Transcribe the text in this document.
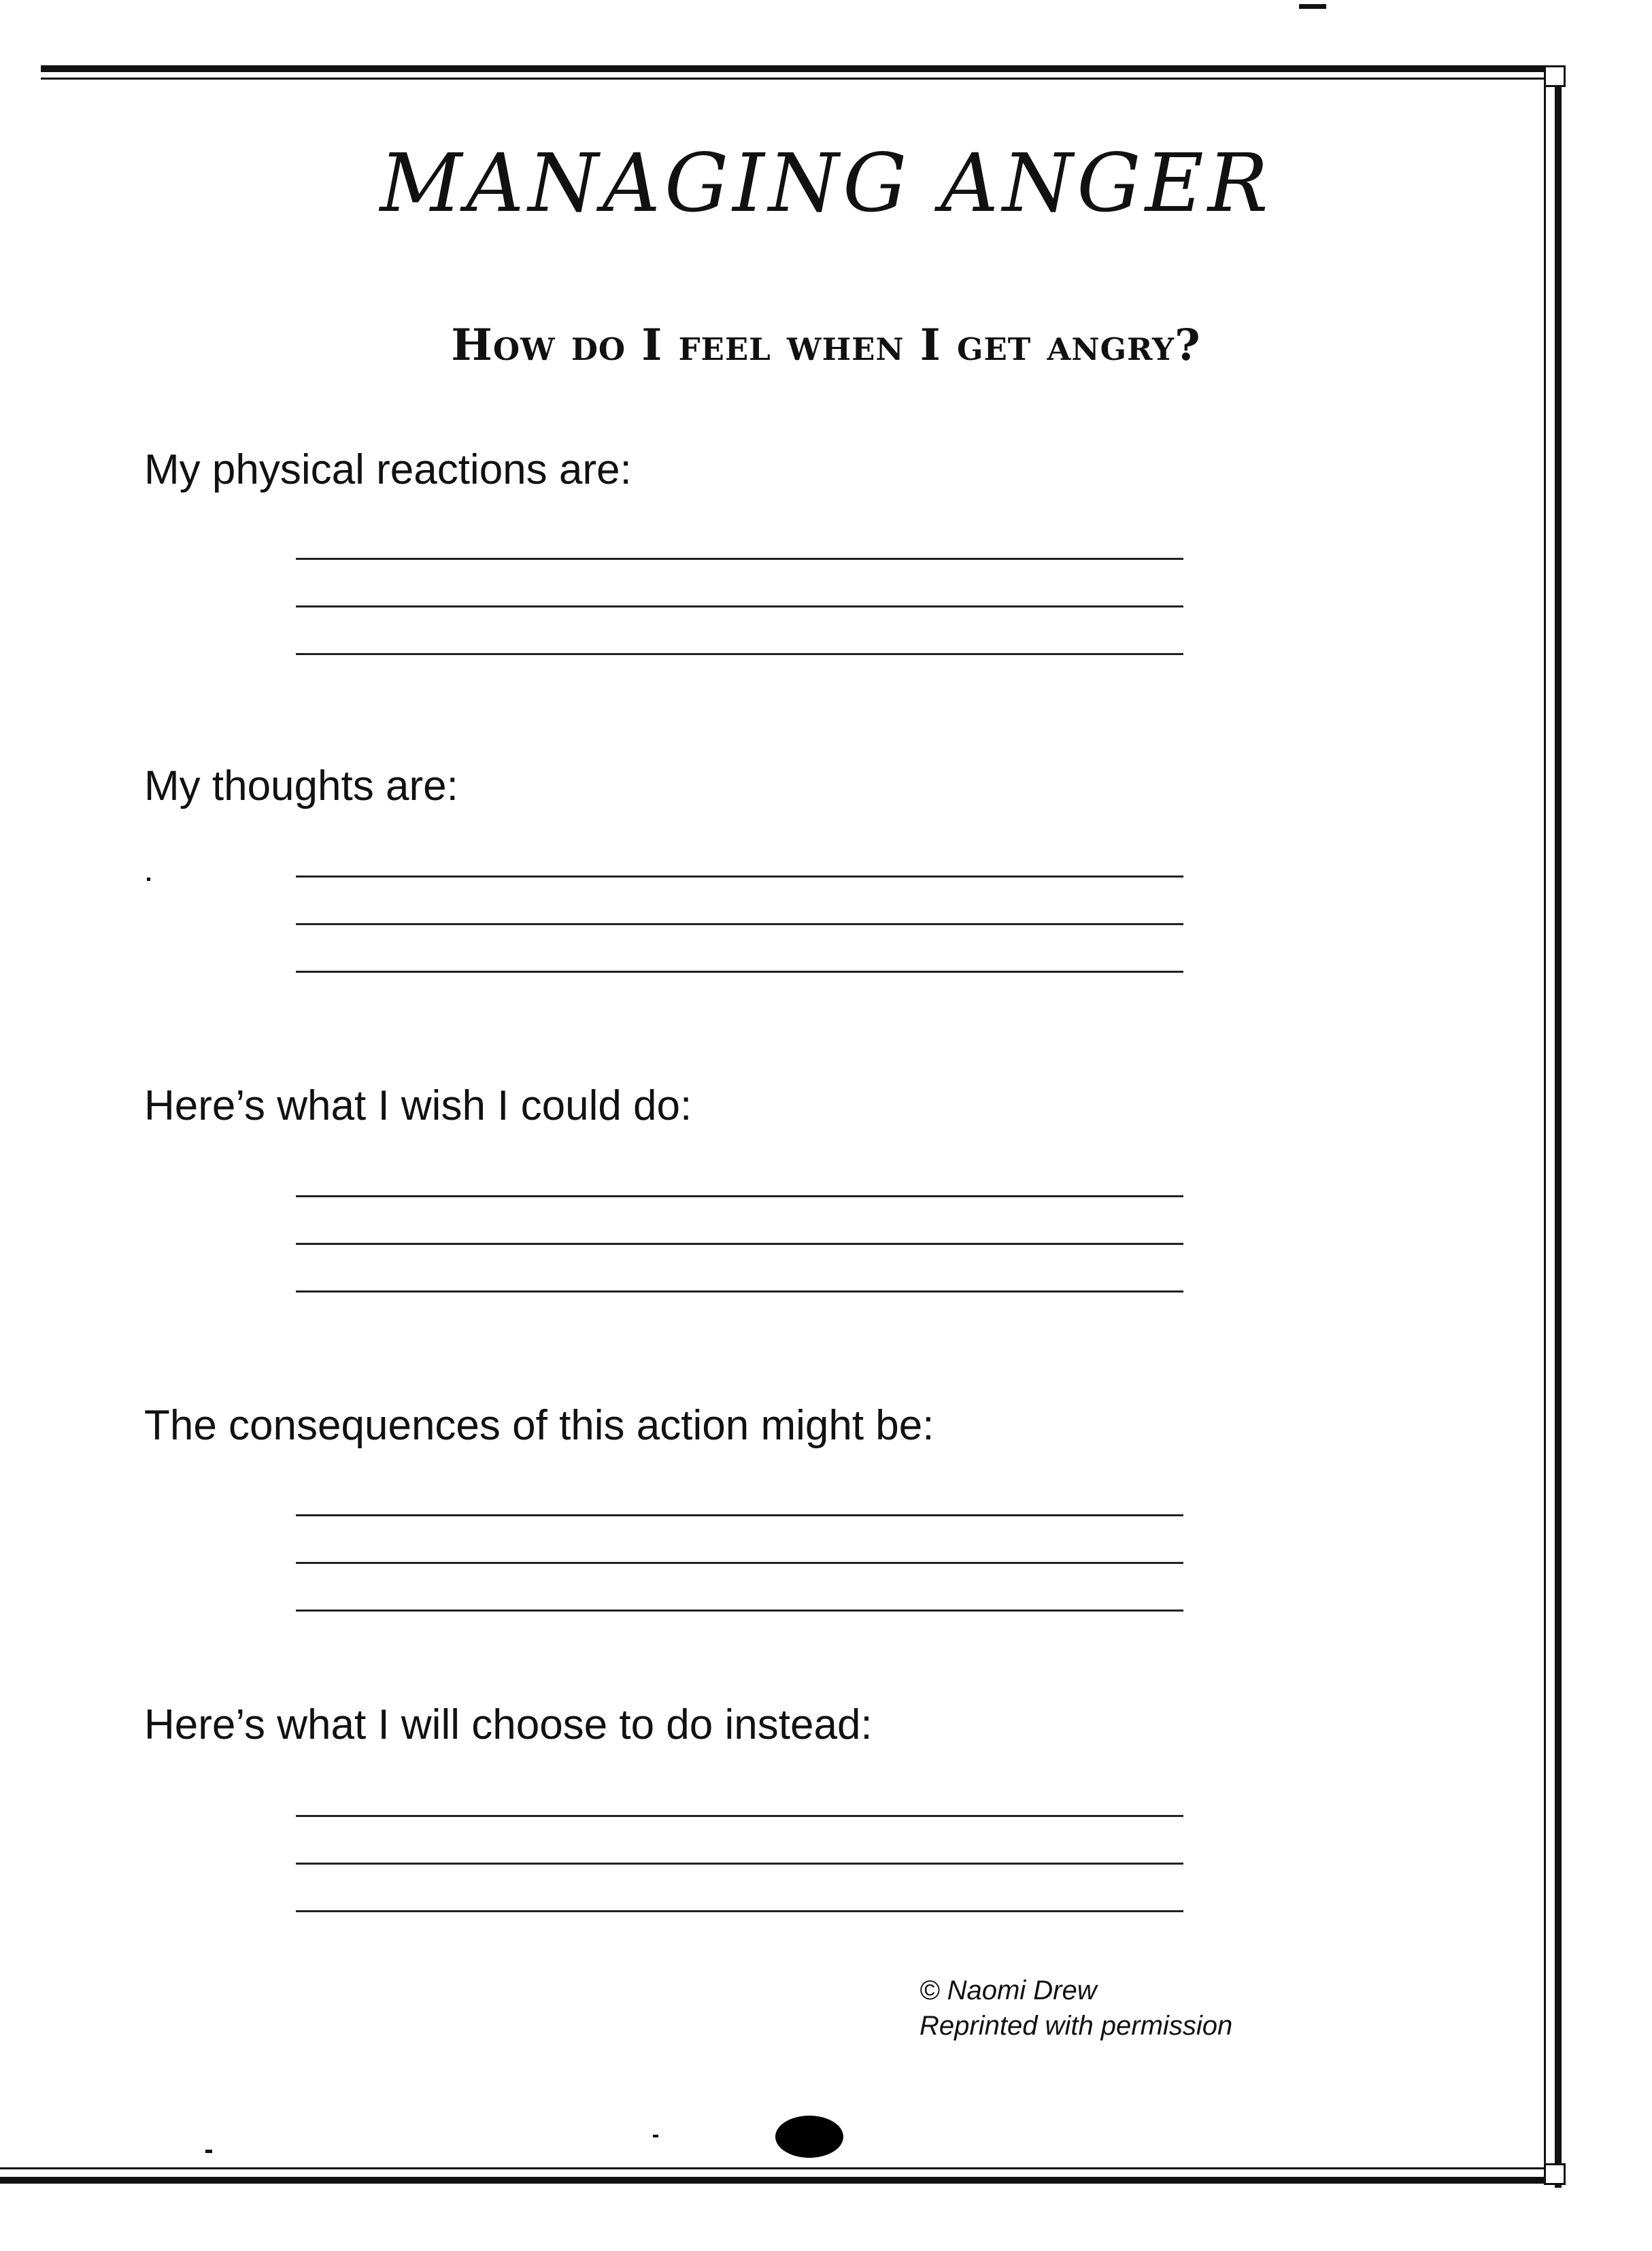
MANAGING ANGER
How do I feel when I get angry?
My physical reactions are:
My thoughts are:
Here’s what I wish I could do:
The consequences of this action might be:
Here’s what I will choose to do instead:
© Naomi Drew
Reprinted with permission
